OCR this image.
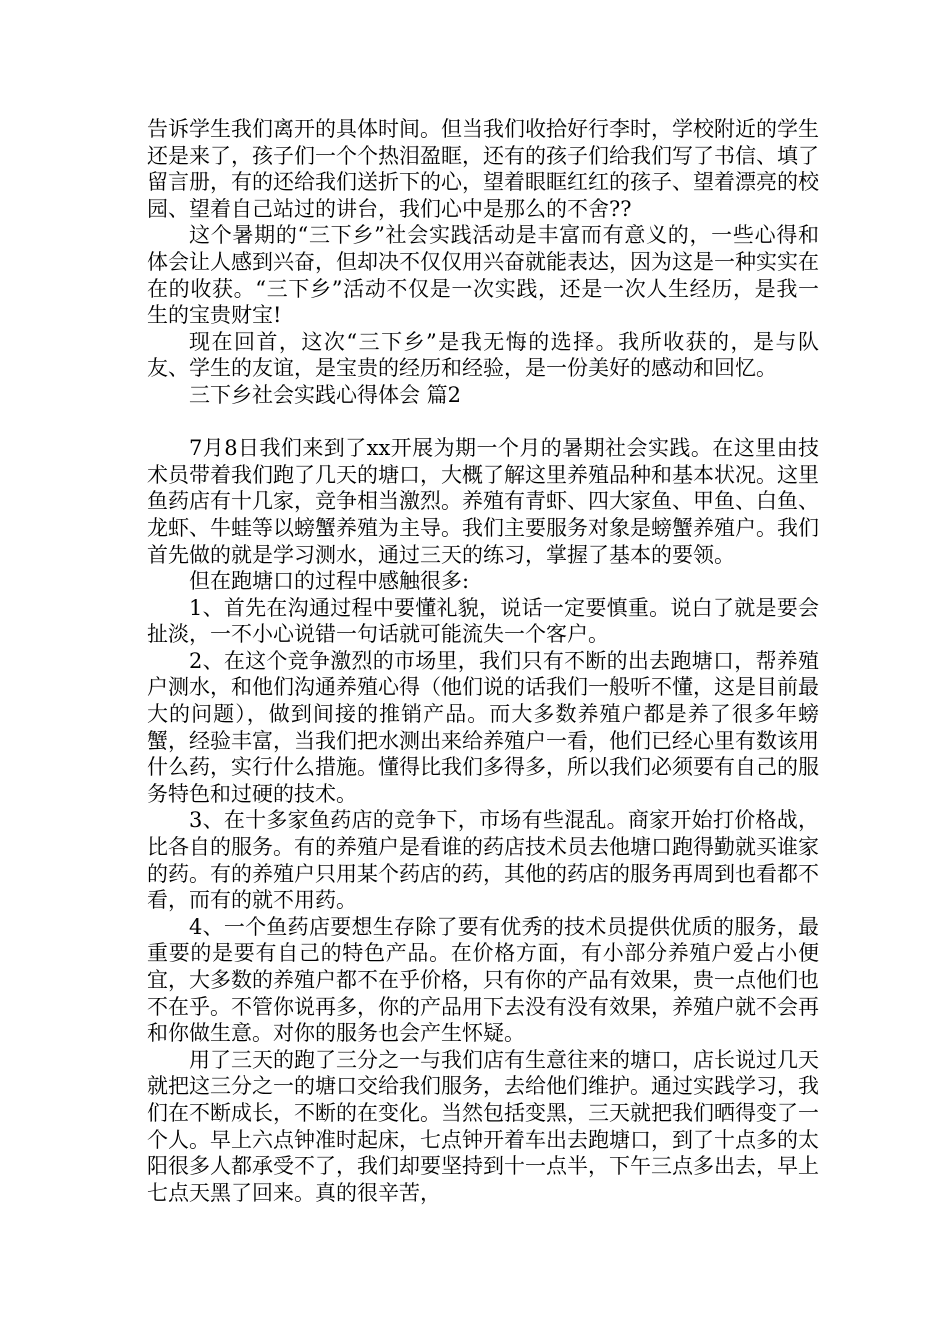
告诉学生我们离开的具体时间。但当我们收拾好行李时，学校附近的学生还是来了，孩子们一个个热泪盈眶，还有的孩子们给我们写了书信、填了留言册，有的还给我们送折下的心，望着眼眶红红的孩子、望着漂亮的校园、望着自己站过的讲台，我们心中是那么的不舍??

这个暑期的“三下乡”社会实践活动是丰富而有意义的，一些心得和体会让人感到兴奋，但却决不仅仅用兴奋就能表达，因为这是一种实实在在的收获。“三下乡”活动不仅是一次实践，还是一次人生经历，是我一生的宝贵财宝!

现在回首，这次“三下乡”是我无悔的选择。我所收获的，是与队友、学生的友谊，是宝贵的经历和经验，是一份美好的感动和回忆。

三下乡社会实践心得体会 篇2

7月8日我们来到了xx开展为期一个月的暑期社会实践。在这里由技术员带着我们跑了几天的塘口，大概了解这里养殖品种和基本状况。这里鱼药店有十几家，竞争相当激烈。养殖有青虾、四大家鱼、甲鱼、白鱼、龙虾、牛蛙等以螃蟹养殖为主导。我们主要服务对象是螃蟹养殖户。我们首先做的就是学习测水，通过三天的练习，掌握了基本的要领。

但在跑塘口的过程中感触很多:

1、首先在沟通过程中要懂礼貌，说话一定要慎重。说白了就是要会扯淡，一不小心说错一句话就可能流失一个客户。

2、在这个竞争激烈的市场里，我们只有不断的出去跑塘口，帮养殖户测水，和他们沟通养殖心得（他们说的话我们一般听不懂，这是目前最大的问题），做到间接的推销产品。而大多数养殖户都是养了很多年螃蟹，经验丰富，当我们把水测出来给养殖户一看，他们已经心里有数该用什么药，实行什么措施。懂得比我们多得多，所以我们必须要有自己的服务特色和过硬的技术。

3、在十多家鱼药店的竞争下，市场有些混乱。商家开始打价格战，比各自的服务。有的养殖户是看谁的药店技术员去他塘口跑得勤就买谁家的药。有的养殖户只用某个药店的药，其他的药店的服务再周到也看都不看，而有的就不用药。

4、一个鱼药店要想生存除了要有优秀的技术员提供优质的服务，最重要的是要有自己的特色产品。在价格方面，有小部分养殖户爱占小便宜，大多数的养殖户都不在乎价格，只有你的产品有效果，贵一点他们也不在乎。不管你说再多，你的产品用下去没有没有效果，养殖户就不会再和你做生意。对你的服务也会产生怀疑。

用了三天的跑了三分之一与我们店有生意往来的塘口，店长说过几天就把这三分之一的塘口交给我们服务，去给他们维护。通过实践学习，我们在不断成长，不断的在变化。当然包括变黑，三天就把我们晒得变了一个人。早上六点钟准时起床，七点钟开着车出去跑塘口，到了十点多的太阳很多人都承受不了，我们却要坚持到十一点半，下午三点多出去，早上七点天黑了回来。真的很辛苦，
